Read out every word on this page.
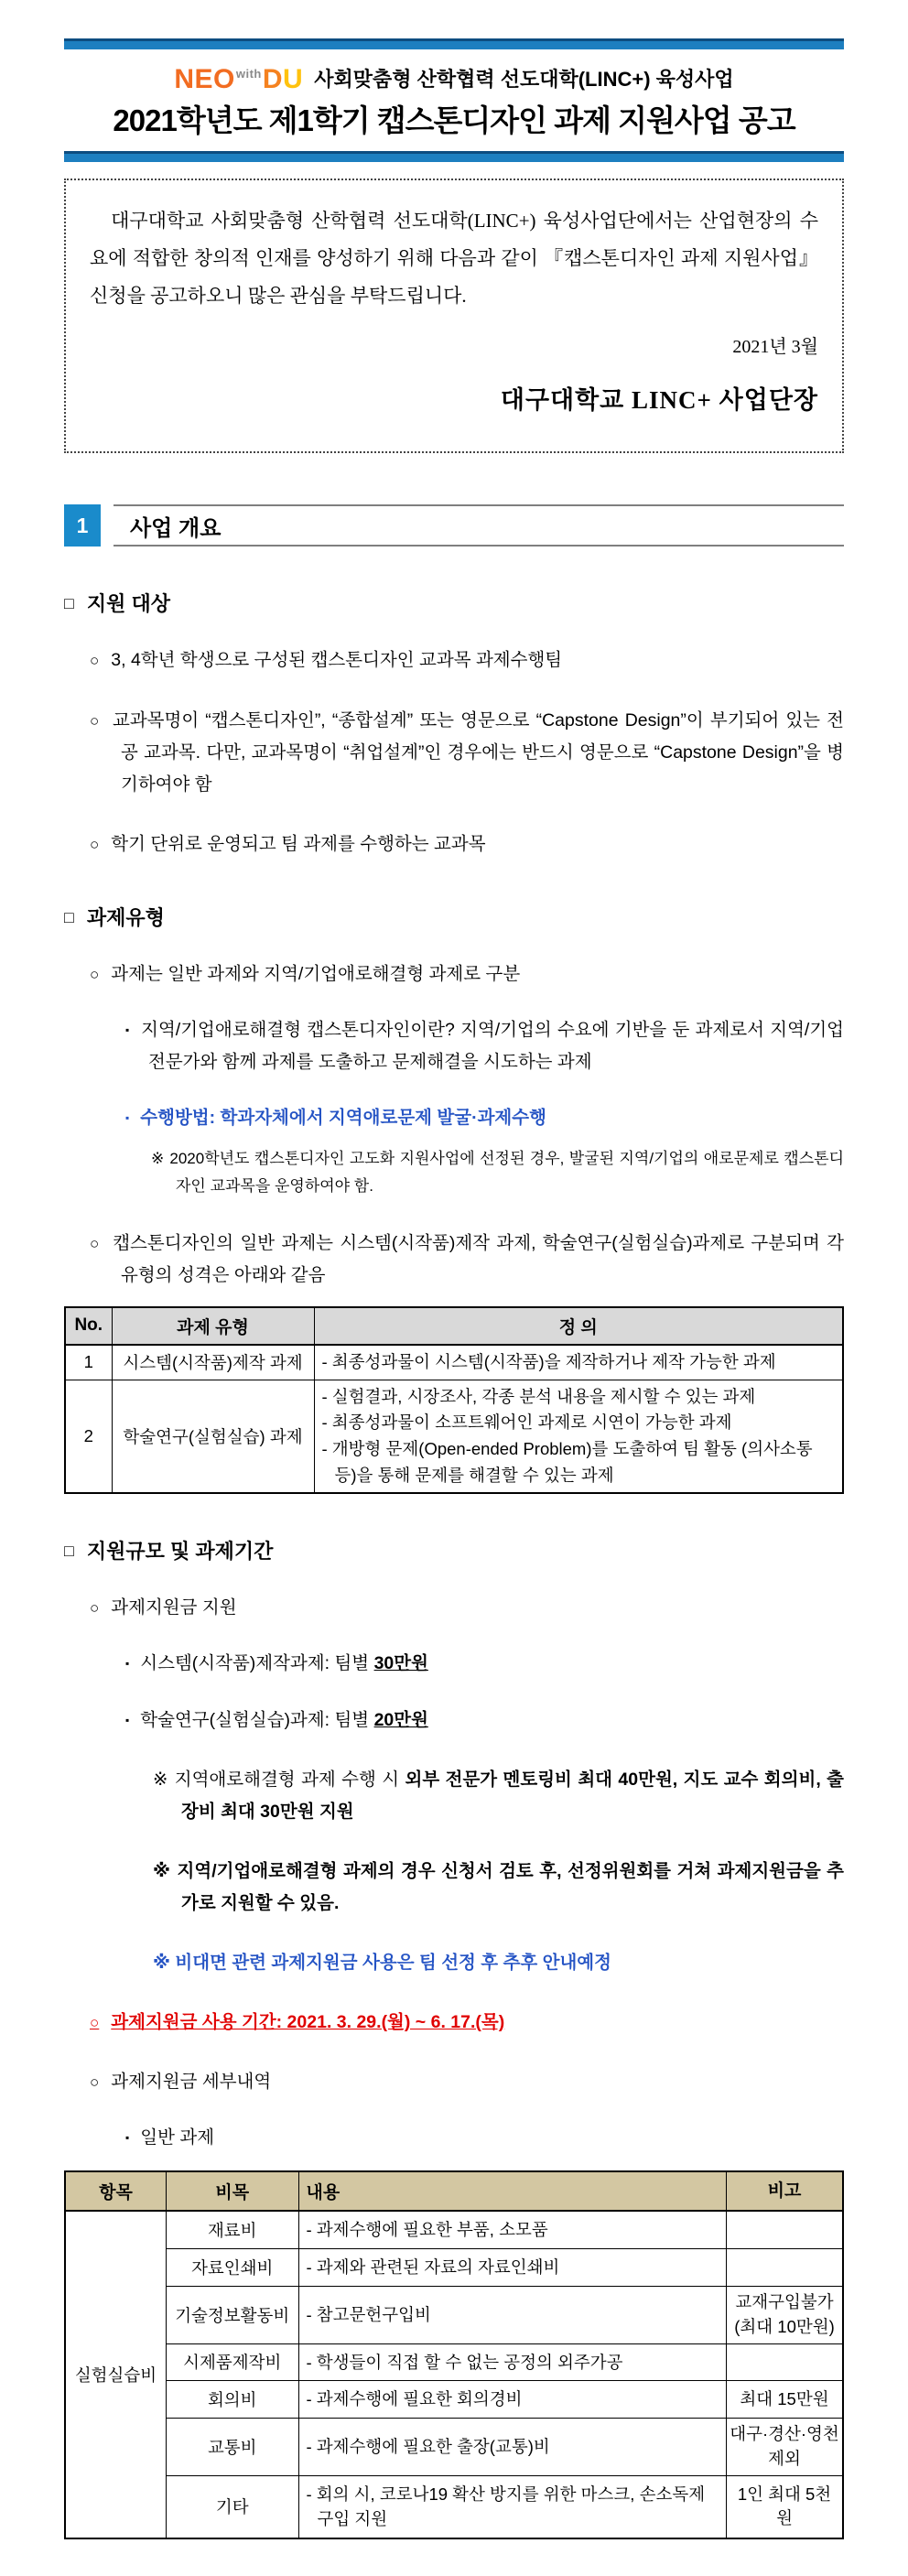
$NEO^{with}DU$ 사회맞춤형 산학협력 선도대학(LINC+) 육성사업
2021학년도 제1학기 캡스톤디자인 과제 지원사업 공고

대구대학교 사회맞춤형 산학협력 선도대학(LINC+) 육성사업단에서는 산업현장의 수요에 적합한 창의적 인재를 양성하기 위해 다음과 같이 『캡스톤디자인 과제 지원사업』 신청을 공고하오니 많은 관심을 부탁드립니다.

2021년 3월

대구대학교 LINC+ 사업단장

1	사업 개요
□ 지원 대상

○ 3, 4학년 학생으로 구성된 캡스톤디자인 교과목 과제수행팀

○ 교과목명이 “캡스톤디자인”, “종합설계” 또는 영문으로 “Capstone Design”이 부기되어 있는 전공 교과목. 다만, 교과목명이 “취업설계”인 경우에는 반드시 영문으로 “Capstone Design”을 병기하여야 함

○ 학기 단위로 운영되고 팀 과제를 수행하는 교과목

□ 과제유형

○ 과제는 일반 과제와 지역/기업애로해결형 과제로 구분

▪ 지역/기업애로해결형 캡스톤디자인이란? 지역/기업의 수요에 기반을 둔 과제로서 지역/기업전문가와 함께 과제를 도출하고 문제해결을 시도하는 과제

▪ 수행방법: 학과자체에서 지역애로문제 발굴·과제수행

※ 2020학년도 캡스톤디자인 고도화 지원사업에 선정된 경우, 발굴된 지역/기업의 애로문제로 캡스톤디자인 교과목을 운영하여야 함.

○ 캡스톤디자인의 일반 과제는 시스템(시작품)제작 과제, 학술연구(실험실습)과제로 구분되며 각 유형의 성격은 아래와 같음

No.	과제 유형	정 의
1	시스템(시작품)제작 과제	- 최종성과물이 시스템(시작품)을 제작하거나 제작 가능한 과제

2	학술연구(실험실습) 과제	- 실험결과, 시장조사, 각종 분석 내용을 제시할 수 있는 과제
- 최종성과물이 소프트웨어인 과제로 시연이 가능한 과제
- 개방형 문제(Open-ended Problem)를 도출하여 팀 활동 (의사소통 등)을 통해 문제를 해결할 수 있는 과제
□ 지원규모 및 과제기간

○ 과제지원금 지원

▪ 시스템(시작품)제작과제: 팀별 30만원

▪ 학술연구(실험실습)과제: 팀별 20만원

※ 지역애로해결형 과제 수행 시 외부 전문가 멘토링비 최대 40만원, 지도 교수 회의비, 출장비 최대 30만원 지원

※ 지역/기업애로해결형 과제의 경우 신청서 검토 후, 선정위원회를 거쳐 과제지원금을 추가로 지원할 수 있음.

※ 비대면 관련 과제지원금 사용은 팀 선정 후 추후 안내예정

○ 과제지원금 사용 기간: 2021. 3. 29.(월) ~ 6. 17.(목)

○ 과제지원금 세부내역

▪ 일반 과제

항목	비목	내용	비고
실험실습비	재료비	- 과제수행에 필요한 부품, 소모품	

	자료인쇄비	- 과제와 관련된 자료의 자료인쇄비	

	기술정보활동비	- 참고문헌구입비	교재구입불가 (최대 10만원)
	시제품제작비	- 학생들이 직접 할 수 없는 공정의 외주가공	

	회의비	- 과제수행에 필요한 회의경비	최대 15만원
	교통비	- 과제수행에 필요한 출장(교통)비	대구·경산·영천 제외
	기타	- 회의 시, 코로나19 확산 방지를 위한 마스크, 손소독제 구입 지원	1인 최대 5천원
